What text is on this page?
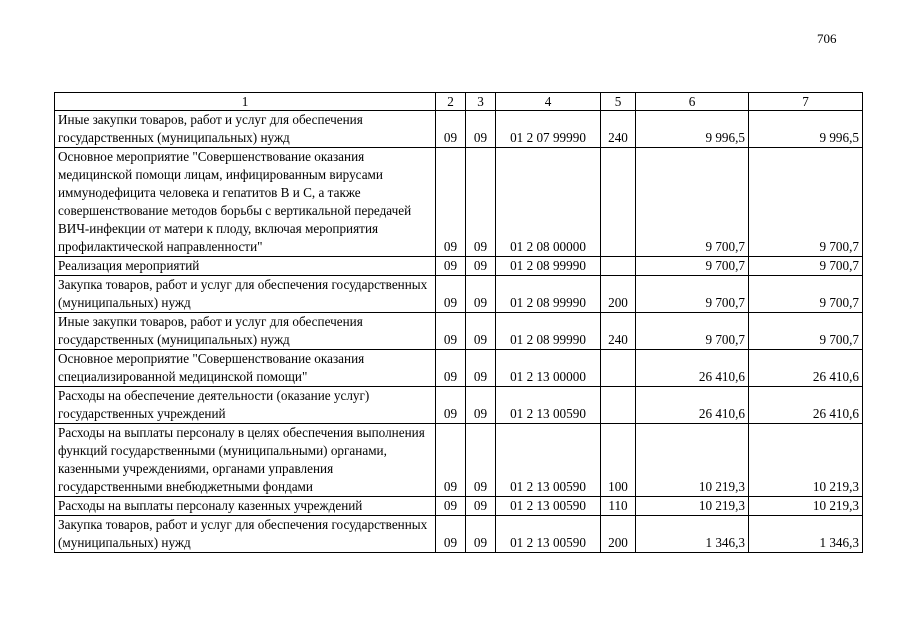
706
1	2	3	4	5	6	7
Иные закупки товаров, работ и услуг для обеспечения государственных (муниципальных) нужд	09	09	01 2 07 99990	240	9 996,5	9 996,5
Основное мероприятие "Совершенствование оказания медицинской помощи лицам, инфицированным вирусами иммунодефицита человека и гепатитов В и С, а также совершенствование методов борьбы с вертикальной передачей ВИЧ-инфекции от матери к плоду, включая мероприятия профилактической направленности"	09	09	01 2 08 00000		9 700,7	9 700,7
Реализация мероприятий	09	09	01 2 08 99990		9 700,7	9 700,7
Закупка товаров, работ и услуг для обеспечения государственных (муниципальных) нужд	09	09	01 2 08 99990	200	9 700,7	9 700,7
Иные закупки товаров, работ и услуг для обеспечения государственных (муниципальных) нужд	09	09	01 2 08 99990	240	9 700,7	9 700,7
Основное мероприятие "Совершенствование оказания специализированной медицинской помощи"	09	09	01 2 13 00000		26 410,6	26 410,6
Расходы на обеспечение деятельности (оказание услуг) государственных учреждений	09	09	01 2 13 00590		26 410,6	26 410,6
Расходы на выплаты персоналу в целях обеспечения выполнения функций государственными (муниципальными) органами, казенными учреждениями, органами управления государственными внебюджетными фондами	09	09	01 2 13 00590	100	10 219,3	10 219,3
Расходы на выплаты персоналу казенных учреждений	09	09	01 2 13 00590	110	10 219,3	10 219,3
Закупка товаров, работ и услуг для обеспечения государственных (муниципальных) нужд	09	09	01 2 13 00590	200	1 346,3	1 346,3
